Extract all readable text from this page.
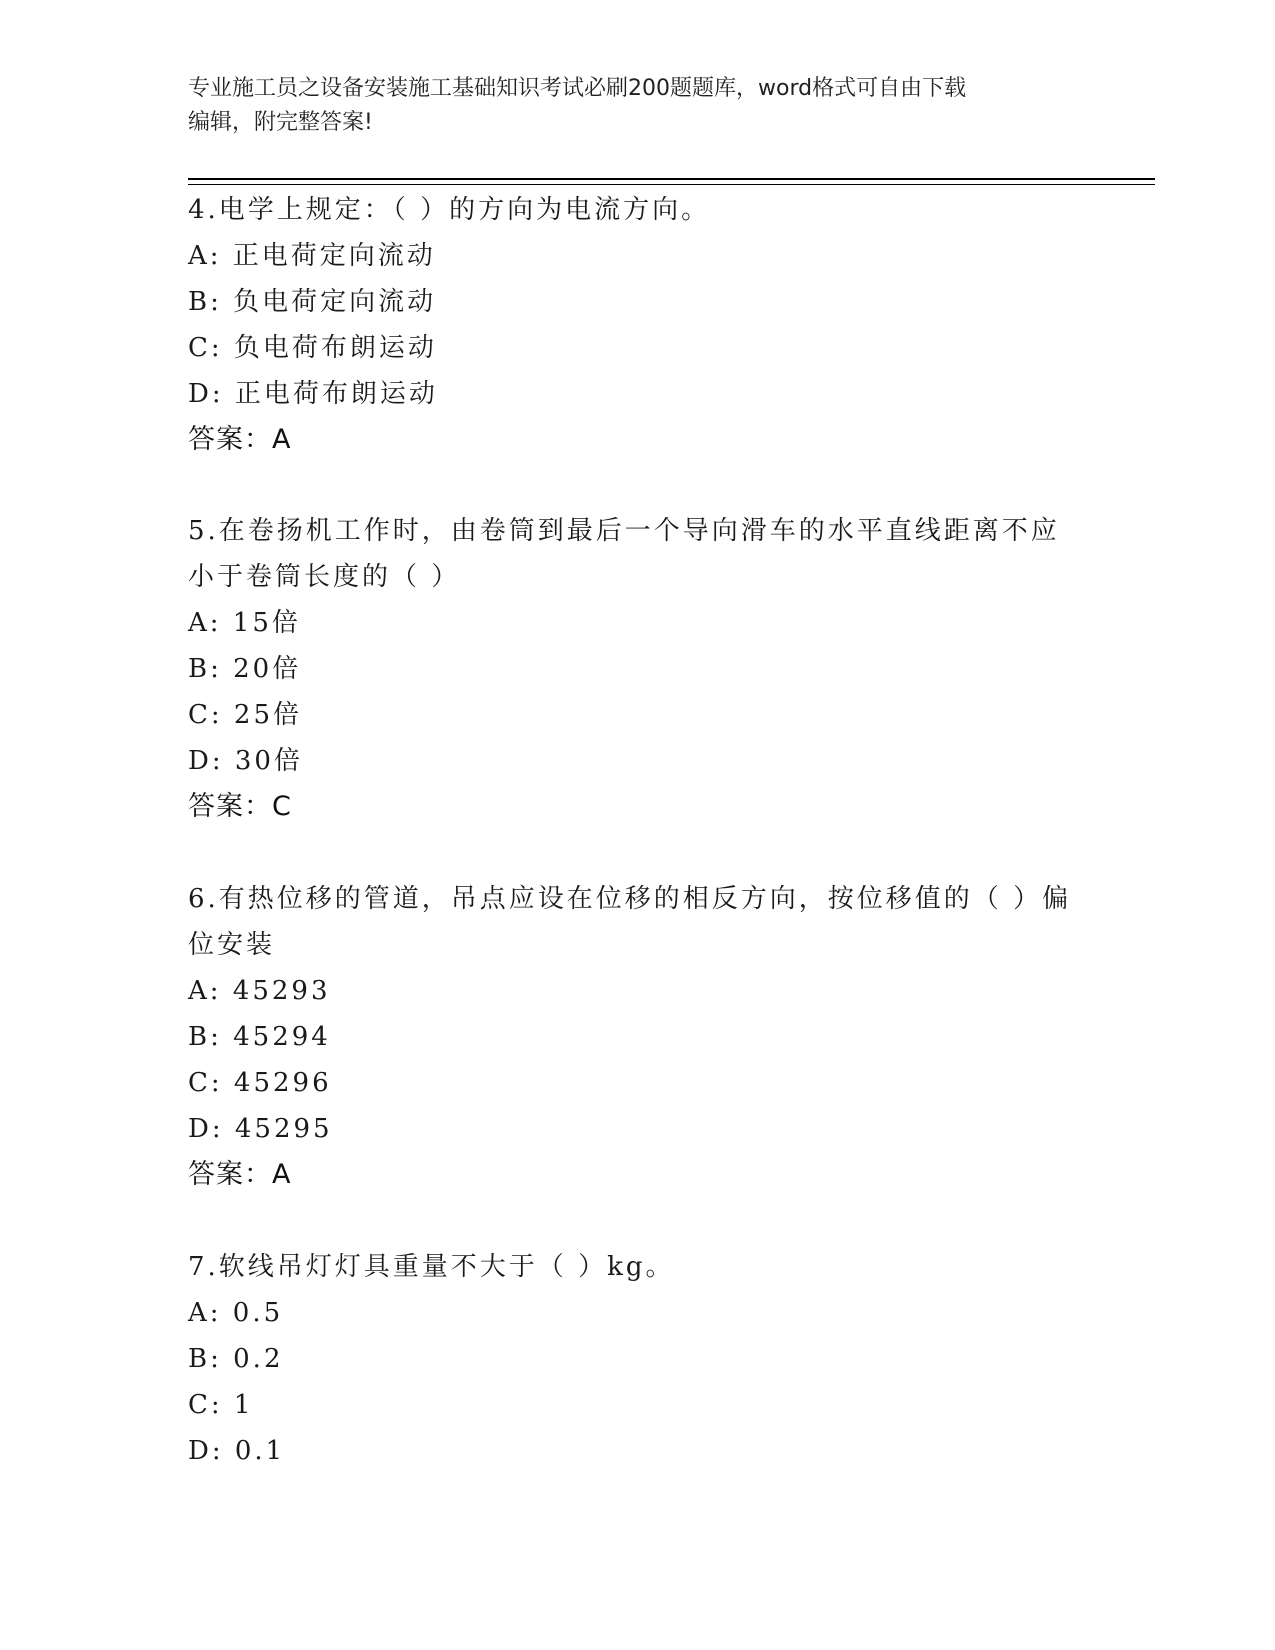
专业施工员之设备安装施工基础知识考试必刷200题题库，word格式可自由下载
编辑，附完整答案!
4.电学上规定：（ ）的方向为电流方向。
A: 正电荷定向流动
B: 负电荷定向流动
C: 负电荷布朗运动
D: 正电荷布朗运动
答案：A
5.在卷扬机工作时，由卷筒到最后一个导向滑车的水平直线距离不应
小于卷筒长度的（ ）
A: 15倍
B: 20倍
C: 25倍
D: 30倍
答案：C
6.有热位移的管道，吊点应设在位移的相反方向，按位移值的（ ）偏
位安装
A: 45293
B: 45294
C: 45296
D: 45295
答案：A
7.软线吊灯灯具重量不大于（ ）kg。
A: 0.5
B: 0.2
C: 1
D: 0.1
